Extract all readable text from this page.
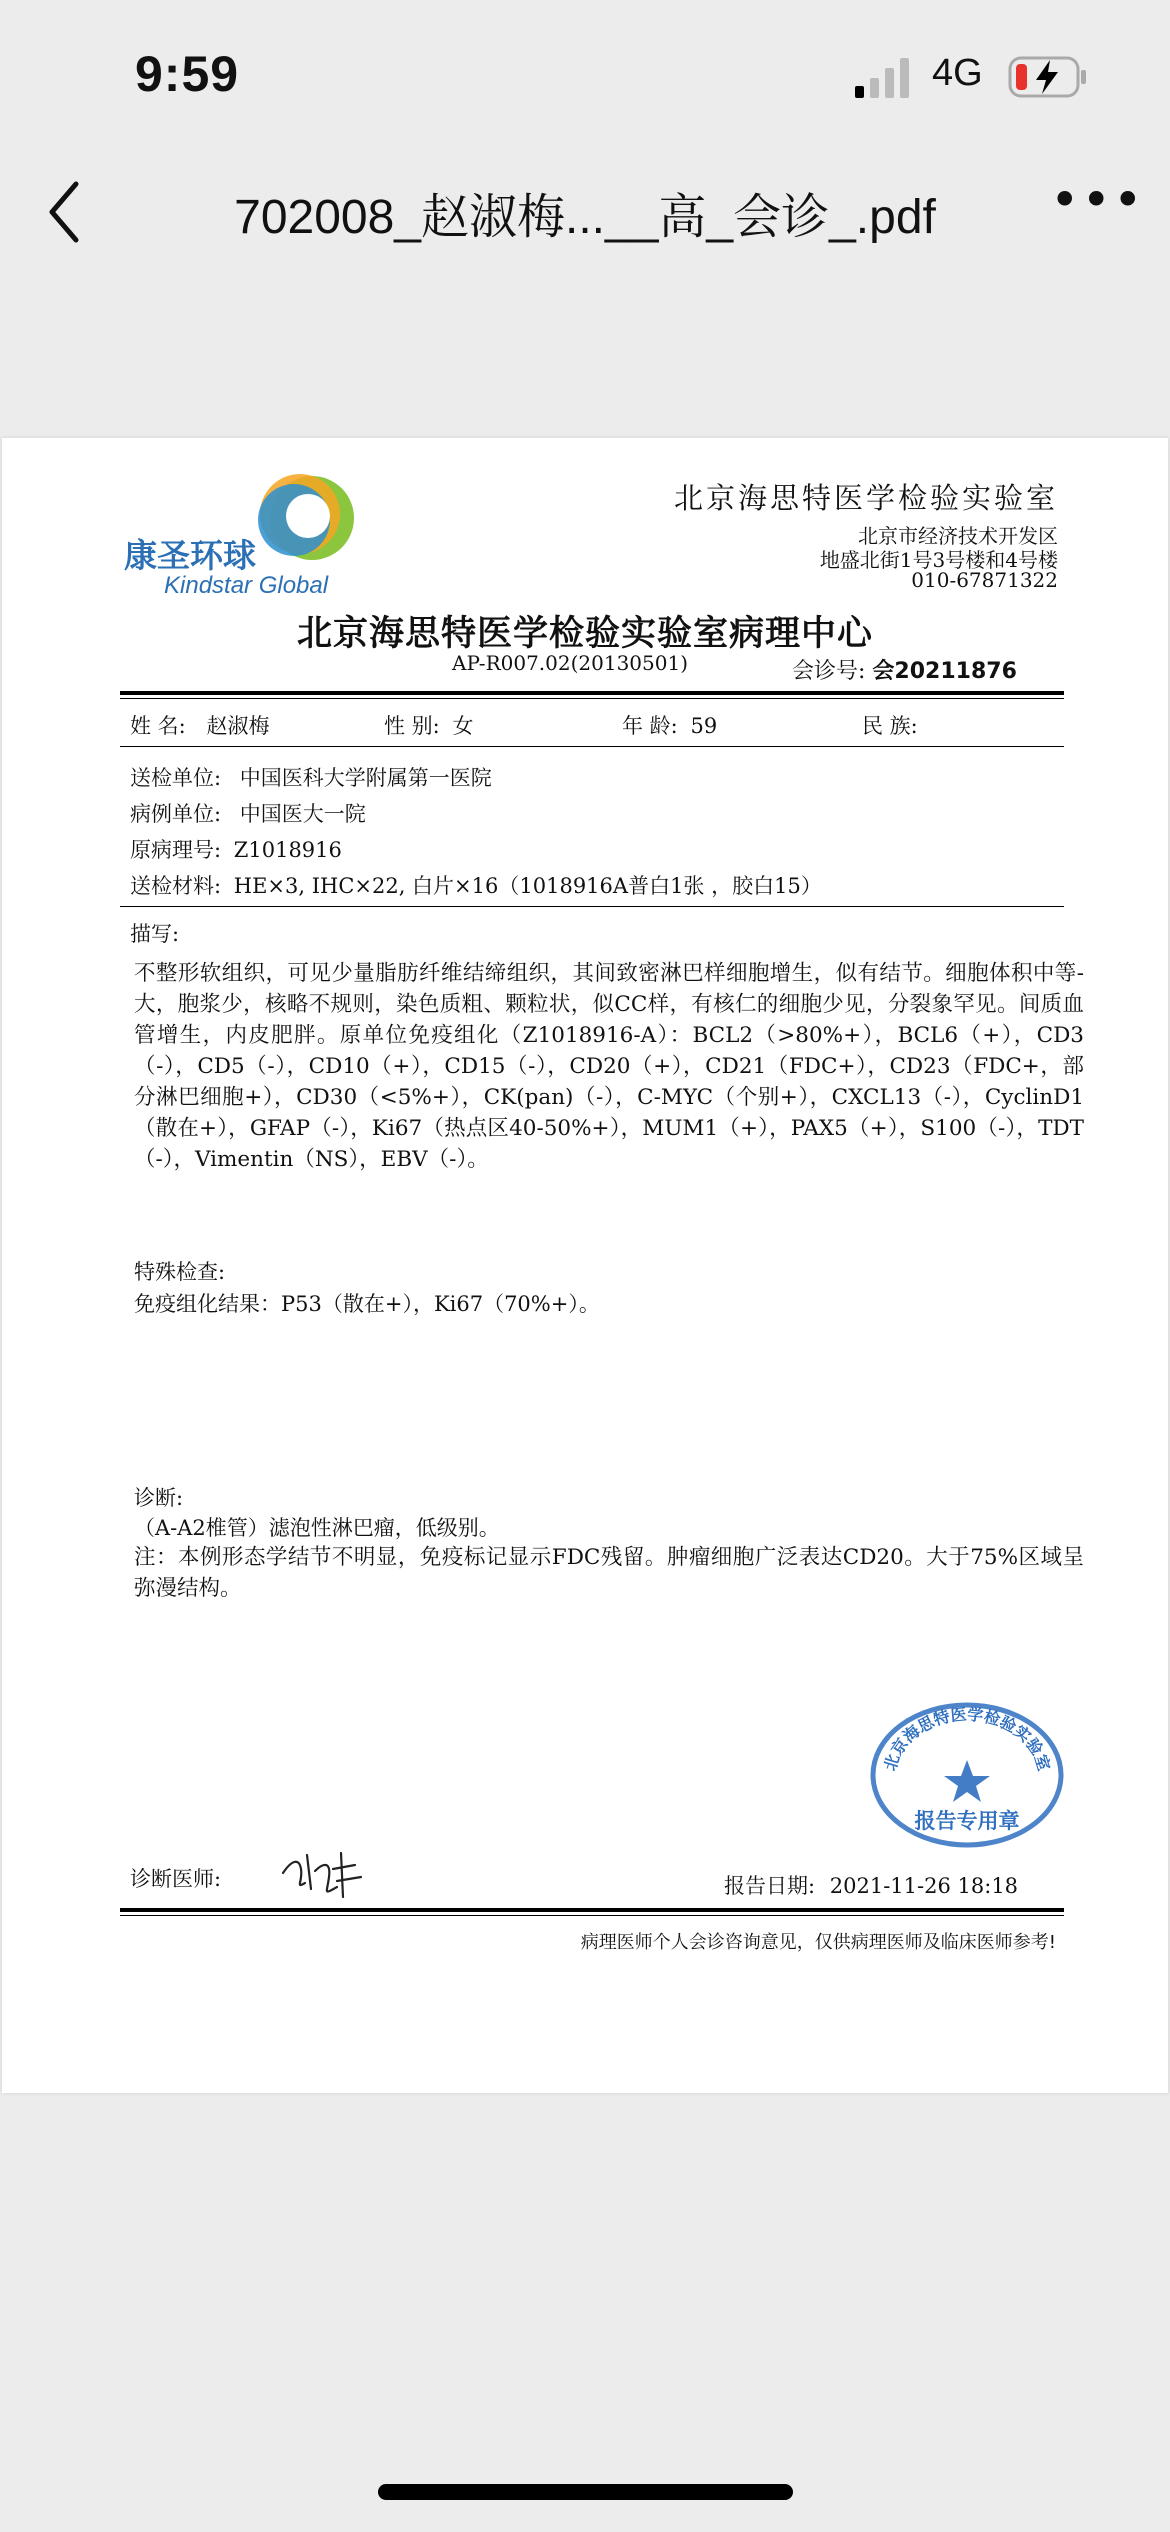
9:59	4G
702008_赵淑梅...__高_会诊_.pdf	•••
康圣环球
Kindstar Global
北京海思特医学检验实验室
北京市经济技术开发区
地盛北街1号3号楼和4号楼
010-67871322
北京海思特医学检验实验室病理中心
AP-R007.02(20130501)	会诊号: 会20211876
姓 名: 赵淑梅	性 别: 女	年 龄: 59	民 族:
送检单位: 中国医科大学附属第一医院
病例单位: 中国医大一院
原病理号: Z1018916
送检材料: HE×3, IHC×22, 白片×16（1018916A普白1张 ，胶白15）
描写:
不整形软组织，可见少量脂肪纤维结缔组织，其间致密淋巴样细胞增生，似有结节。细胞体积中等-大，胞浆少，核略不规则，染色质粗、颗粒状，似CC样，有核仁的细胞少见，分裂象罕见。间质血管增生，内皮肥胖。原单位免疫组化（Z1018916-A）：BCL2（>80%+），BCL6（+），CD3（-），CD5（-），CD10（+），CD15（-），CD20（+），CD21（FDC+），CD23（FDC+，部分淋巴细胞+），CD30（<5%+），CK(pan)（-），C-MYC（个别+），CXCL13（-），CyclinD1（散在+），GFAP（-），Ki67（热点区40-50%+），MUM1（+），PAX5（+），S100（-），TDT（-），Vimentin（NS），EBV（-）。
特殊检查:
免疫组化结果：P53（散在+），Ki67（70%+）。
诊断:
（A-A2椎管）滤泡性淋巴瘤，低级别。
注：本例形态学结节不明显，免疫标记显示FDC残留。肿瘤细胞广泛表达CD20。大于75%区域呈弥漫结构。
北京海思特医学检验实验室
报告专用章
诊断医师:	报告日期: 2021-11-26 18:18
病理医师个人会诊咨询意见，仅供病理医师及临床医师参考!
